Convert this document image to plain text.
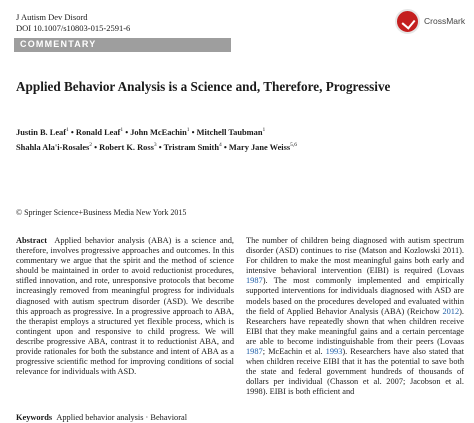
J Autism Dev Disord
DOI 10.1007/s10803-015-2591-6
CrossMark
COMMENTARY
Applied Behavior Analysis is a Science and, Therefore, Progressive
Justin B. Leaf$^1$ • Ronald Leaf$^1$ • John McEachin$^1$ • Mitchell Taubman$^1$
Shahla Ala'i-Rosales$^2$ • Robert K. Ross$^3$ • Tristram Smith$^4$ • Mary Jane Weiss$^{5,6}$
© Springer Science+Business Media New York 2015

Abstract Applied behavior analysis (ABA) is a science and, therefore, involves progressive approaches and outcomes. In this commentary we argue that the spirit and the method of science should be maintained in order to avoid reductionist procedures, stifled innovation, and rote, unresponsive protocols that become increasingly removed from meaningful progress for individuals diagnosed with autism spectrum disorder (ASD). We describe this approach as progressive. In a progressive approach to ABA, the therapist employs a structured yet flexible process, which is contingent upon and responsive to child progress. We will describe progressive ABA, contrast it to reductionist ABA, and provide rationales for both the substance and intent of ABA as a progressive scientific method for improving conditions of social relevance for individuals with ASD.

Keywords Applied behavior analysis · Behavioral

The number of children being diagnosed with autism spectrum disorder (ASD) continues to rise (Matson and Kozlowski 2011). For children to make the most meaningful gains both early and intensive behavioral intervention (EIBI) is required (Lovaas 1987). The most commonly implemented and empirically supported interventions for individuals diagnosed with ASD are models based on the procedures developed and evaluated within the field of Applied Behavior Analysis (ABA) (Reichow 2012). Researchers have repeatedly shown that when children receive EIBI that they make meaningful gains and a certain percentage are able to become indistinguishable from their peers (Lovaas 1987; McEachin et al. 1993). Researchers have also stated that when children receive EIBI that it has the potential to save both the state and federal government hundreds of thousands of dollars per individual (Chasson et al. 2007; Jacobson et al. 1998). EIBI is both efficient and
